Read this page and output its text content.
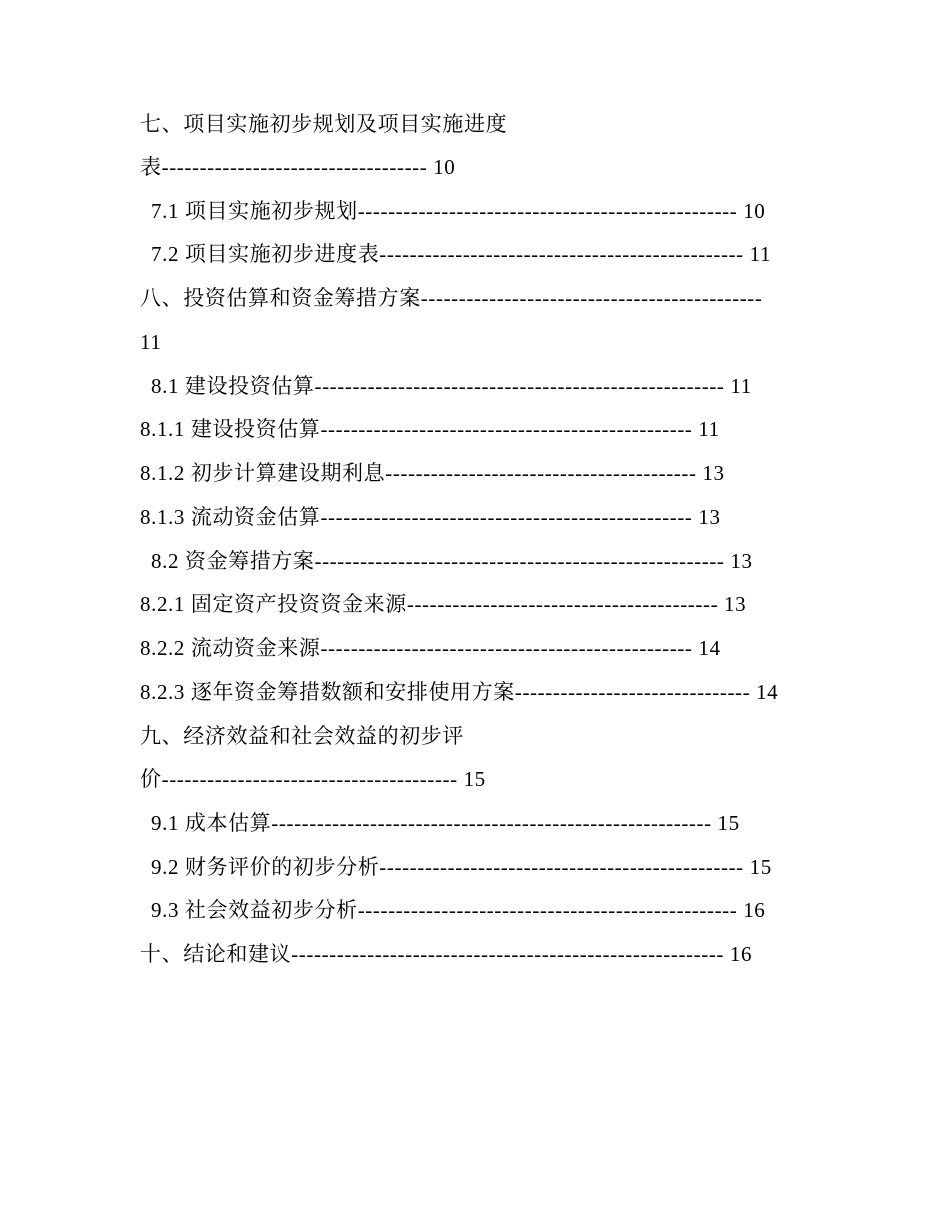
七、项目实施初步规划及项目实施进度
表----------------------------------- 10
7.1 项目实施初步规划-------------------------------------------------- 10
7.2 项目实施初步进度表------------------------------------------------ 11
八、投资估算和资金筹措方案---------------------------------------------
11
8.1 建设投资估算------------------------------------------------------ 11
8.1.1 建设投资估算------------------------------------------------- 11
8.1.2 初步计算建设期利息----------------------------------------- 13
8.1.3 流动资金估算------------------------------------------------- 13
8.2 资金筹措方案------------------------------------------------------ 13
8.2.1 固定资产投资资金来源----------------------------------------- 13
8.2.2 流动资金来源------------------------------------------------- 14
8.2.3 逐年资金筹措数额和安排使用方案------------------------------- 14
九、经济效益和社会效益的初步评
价--------------------------------------- 15
9.1 成本估算---------------------------------------------------------- 15
9.2 财务评价的初步分析------------------------------------------------ 15
9.3 社会效益初步分析-------------------------------------------------- 16
十、结论和建议--------------------------------------------------------- 16
